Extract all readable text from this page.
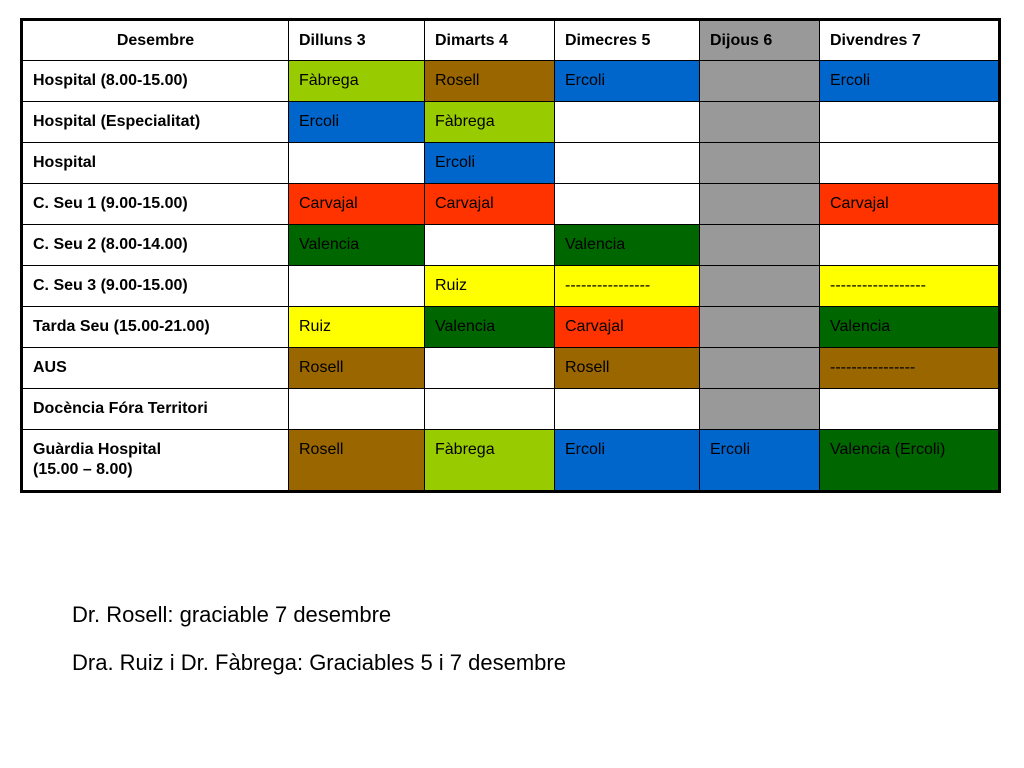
Desembre	Dilluns 3	Dimarts 4	Dimecres 5	Dijous 6	Divendres 7

Hospital (8.00-15.00)	Fàbrega	Rosell	Ercoli		Ercoli

Hospital (Especialitat)	Ercoli	Fàbrega			

Hospital		Ercoli			

C. Seu 1 (9.00-15.00)	Carvajal	Carvajal			Carvajal

C. Seu 2 (8.00-14.00)	Valencia		Valencia		

C. Seu 3 (9.00-15.00)		Ruiz	----------------		------------------

Tarda Seu (15.00-21.00)	Ruiz	Valencia	Carvajal		Valencia

AUS	Rosell		Rosell		----------------

Docència Fóra Territori					

Guàrdia Hospital
(15.00 – 8.00)	Rosell	Fàbrega	Ercoli	Ercoli	Valencia (Ercoli)

Dr. Rosell: graciable 7 desembre

Dra. Ruiz i Dr. Fàbrega: Graciables 5 i 7 desembre
